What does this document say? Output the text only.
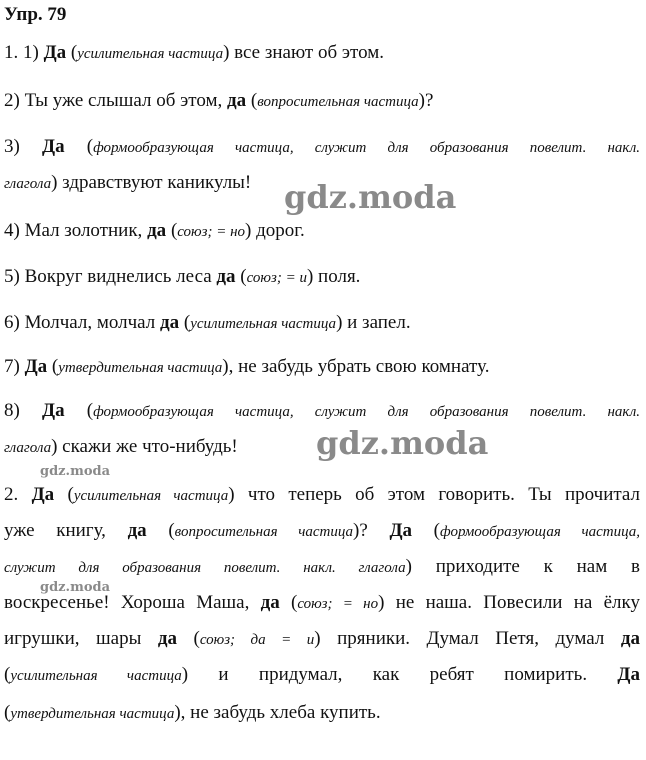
Упр. 79
1. 1) Да (усилительная частица) все знают об этом.
2) Ты уже слышал об этом, да (вопросительная частица)?
3) Да (формообразующая частица, служит для образования повелит. накл.
глагола) здравствуют каникулы!
4) Мал золотник, да (союз; = но) дорог.
5) Вокруг виднелись леса да (союз; = и) поля.
6) Молчал, молчал да (усилительная частица) и запел.
7) Да (утвердительная частица), не забудь убрать свою комнату.
8) Да (формообразующая частица, служит для образования повелит. накл.
глагола) скажи же что-нибудь!
2. Да (усилительная частица) что теперь об этом говорить. Ты прочитал
уже книгу, да (вопросительная частица)? Да (формообразующая частица,
служит для образования повелит. накл. глагола) приходите к нам в
воскресенье! Хороша Маша, да (союз; = но) не наша. Повесили на ёлку
игрушки, шары да (союз; да = и) пряники. Думал Петя, думал да
(усилительная частица) и придумал, как ребят помирить. Да
(утвердительная частица), не забудь хлеба купить.
gdz.moda
gdz.moda
gdz.moda
gdz.moda
